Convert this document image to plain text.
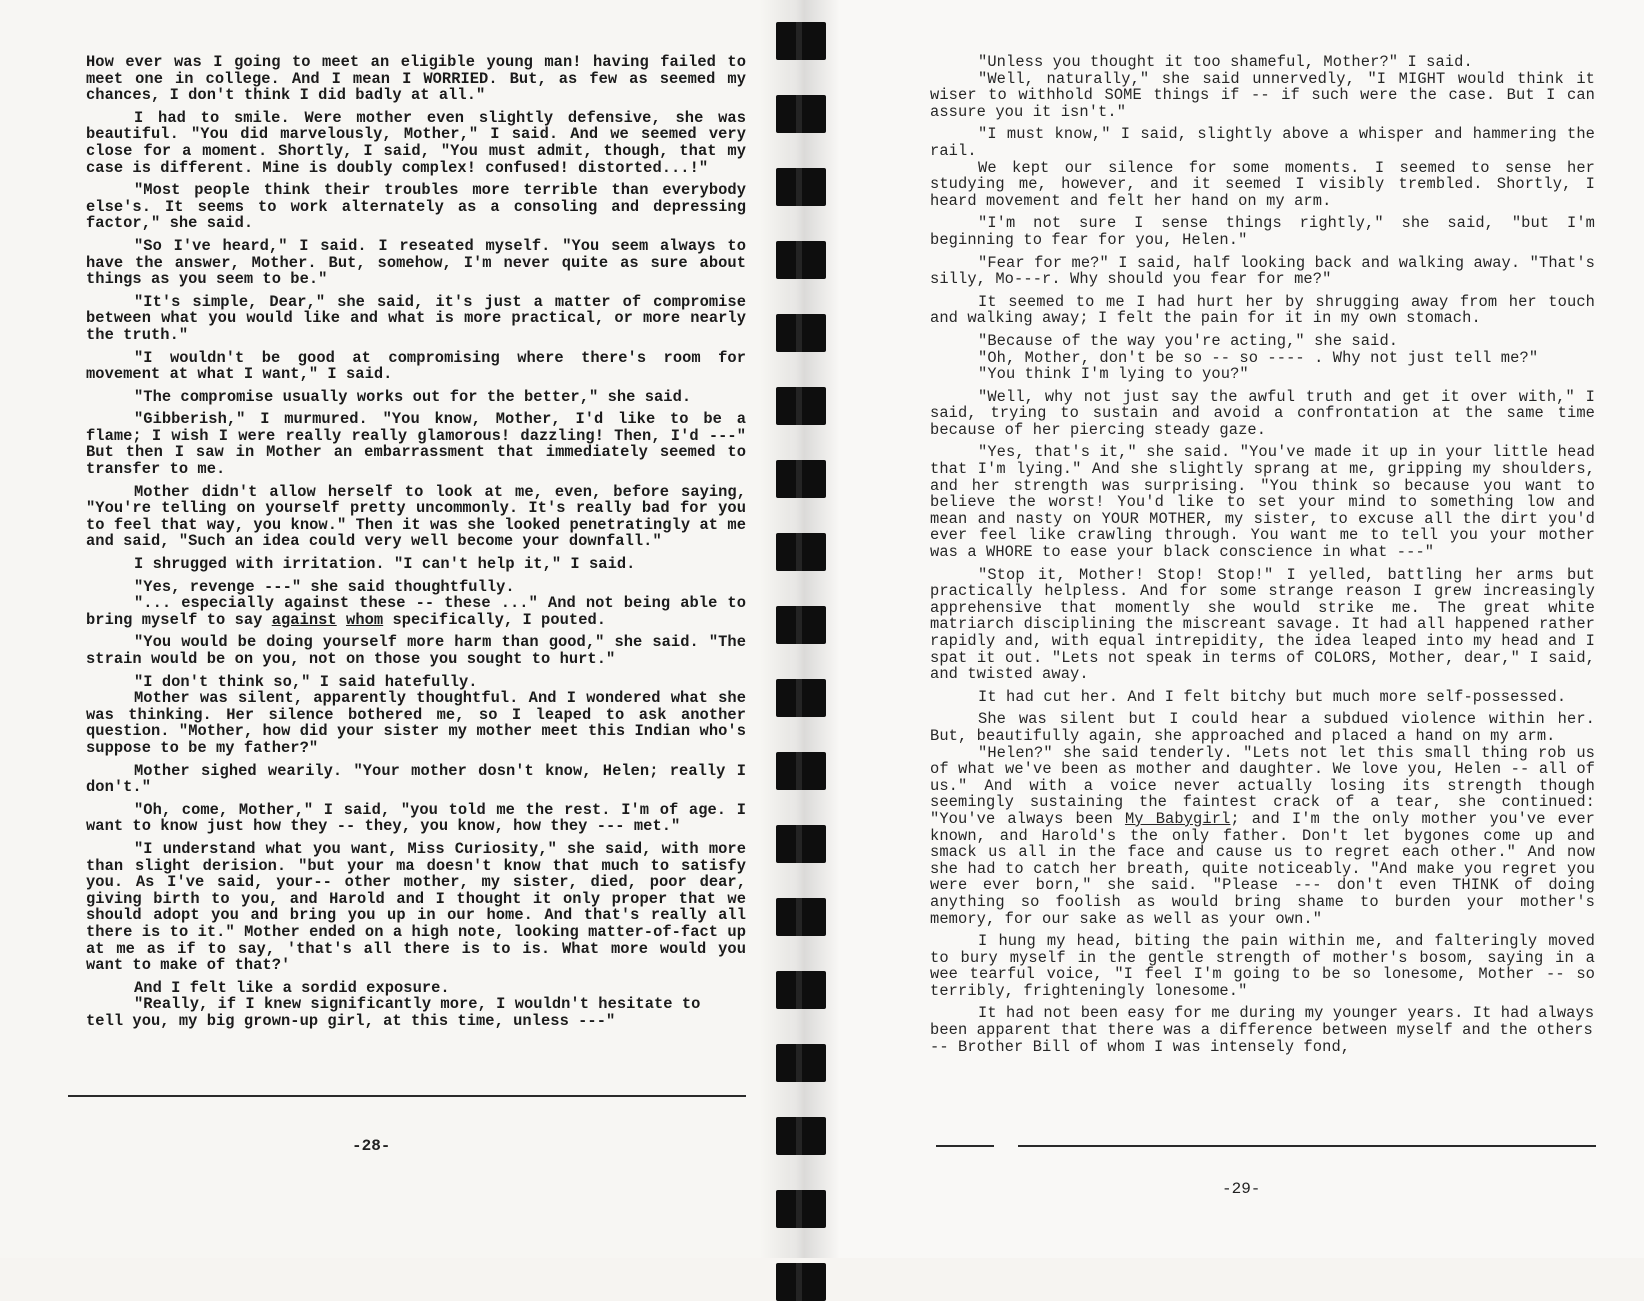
How ever was I going to meet an eligible young man! having failed to meet one in college. And I mean I WORRIED. But, as few as seemed my chances, I don't think I did badly at all."

I had to smile. Were mother even slightly defensive, she was beautiful. "You did marvelously, Mother," I said. And we seemed very close for a moment. Shortly, I said, "You must admit, though, that my case is different. Mine is doubly complex! confused! distorted...!"

"Most people think their troubles more terrible than everybody else's. It seems to work alternately as a consoling and depressing factor," she said.

"So I've heard," I said. I reseated myself. "You seem always to have the answer, Mother. But, somehow, I'm never quite as sure about things as you seem to be."

"It's simple, Dear," she said, it's just a matter of compromise between what you would like and what is more practical, or more nearly the truth."

"I wouldn't be good at compromising where there's room for movement at what I want," I said.

"The compromise usually works out for the better," she said.

"Gibberish," I murmured. "You know, Mother, I'd like to be a flame; I wish I were really really glamorous! dazzling! Then, I'd ---" But then I saw in Mother an embarrassment that immediately seemed to transfer to me.

Mother didn't allow herself to look at me, even, before saying, "You're telling on yourself pretty uncommonly. It's really bad for you to feel that way, you know." Then it was she looked penetratingly at me and said, "Such an idea could very well become your downfall."

I shrugged with irritation. "I can't help it," I said.

"Yes, revenge ---" she said thoughtfully.

"... especially against these -- these ..." And not being able to bring myself to say against whom specifically, I pouted.

"You would be doing yourself more harm than good," she said. "The strain would be on you, not on those you sought to hurt."

"I don't think so," I said hatefully.

Mother was silent, apparently thoughtful. And I wondered what she was thinking. Her silence bothered me, so I leaped to ask another question. "Mother, how did your sister my mother meet this Indian who's suppose to be my father?"

Mother sighed wearily. "Your mother dosn't know, Helen; really I don't."

"Oh, come, Mother," I said, "you told me the rest. I'm of age. I want to know just how they -- they, you know, how they --- met."

"I understand what you want, Miss Curiosity," she said, with more than slight derision. "but your ma doesn't know that much to satisfy you. As I've said, your-- other mother, my sister, died, poor dear, giving birth to you, and Harold and I thought it only proper that we should adopt you and bring you up in our home. And that's really all there is to it." Mother ended on a high note, looking matter-of-fact up at me as if to say, 'that's all there is to is. What more would you want to make of that?'

And I felt like a sordid exposure.

"Really, if I knew significantly more, I wouldn't hesitate to tell you, my big grown-up girl, at this time, unless ---"

-28-

"Unless you thought it too shameful, Mother?" I said.

"Well, naturally," she said unnervedly, "I MIGHT would think it wiser to withhold SOME things if -- if such were the case. But I can assure you it isn't."

"I must know," I said, slightly above a whisper and hammering the rail.

We kept our silence for some moments. I seemed to sense her studying me, however, and it seemed I visibly trembled. Shortly, I heard movement and felt her hand on my arm.

"I'm not sure I sense things rightly," she said, "but I'm beginning to fear for you, Helen."

"Fear for me?" I said, half looking back and walking away. "That's silly, Mo---r. Why should you fear for me?"

It seemed to me I had hurt her by shrugging away from her touch and walking away; I felt the pain for it in my own stomach.

"Because of the way you're acting," she said.

"Oh, Mother, don't be so -- so ---- . Why not just tell me?"

"You think I'm lying to you?"

"Well, why not just say the awful truth and get it over with," I said, trying to sustain and avoid a confrontation at the same time because of her piercing steady gaze.

"Yes, that's it," she said. "You've made it up in your little head that I'm lying." And she slightly sprang at me, gripping my shoulders, and her strength was surprising. "You think so because you want to believe the worst! You'd like to set your mind to something low and mean and nasty on YOUR MOTHER, my sister, to excuse all the dirt you'd ever feel like crawling through. You want me to tell you your mother was a WHORE to ease your black conscience in what ---"

"Stop it, Mother! Stop! Stop!" I yelled, battling her arms but practically helpless. And for some strange reason I grew increasingly apprehensive that momently she would strike me. The great white matriarch disciplining the miscreant savage. It had all happened rather rapidly and, with equal intrepidity, the idea leaped into my head and I spat it out. "Lets not speak in terms of COLORS, Mother, dear," I said, and twisted away.

It had cut her. And I felt bitchy but much more self-possessed.

She was silent but I could hear a subdued violence within her. But, beautifully again, she approached and placed a hand on my arm.

"Helen?" she said tenderly. "Lets not let this small thing rob us of what we've been as mother and daughter. We love you, Helen -- all of us." And with a voice never actually losing its strength though seemingly sustaining the faintest crack of a tear, she continued: "You've always been My Babygirl; and I'm the only mother you've ever known, and Harold's the only father. Don't let bygones come up and smack us all in the face and cause us to regret each other." And now she had to catch her breath, quite noticeably. "And make you regret you were ever born," she said. "Please --- don't even THINK of doing anything so foolish as would bring shame to burden your mother's memory, for our sake as well as your own."

I hung my head, biting the pain within me, and falteringly moved to bury myself in the gentle strength of mother's bosom, saying in a wee tearful voice, "I feel I'm going to be so lonesome, Mother -- so terribly, frighteningly lonesome."

It had not been easy for me during my younger years. It had always been apparent that there was a difference between myself and the others -- Brother Bill of whom I was intensely fond,

-29-
